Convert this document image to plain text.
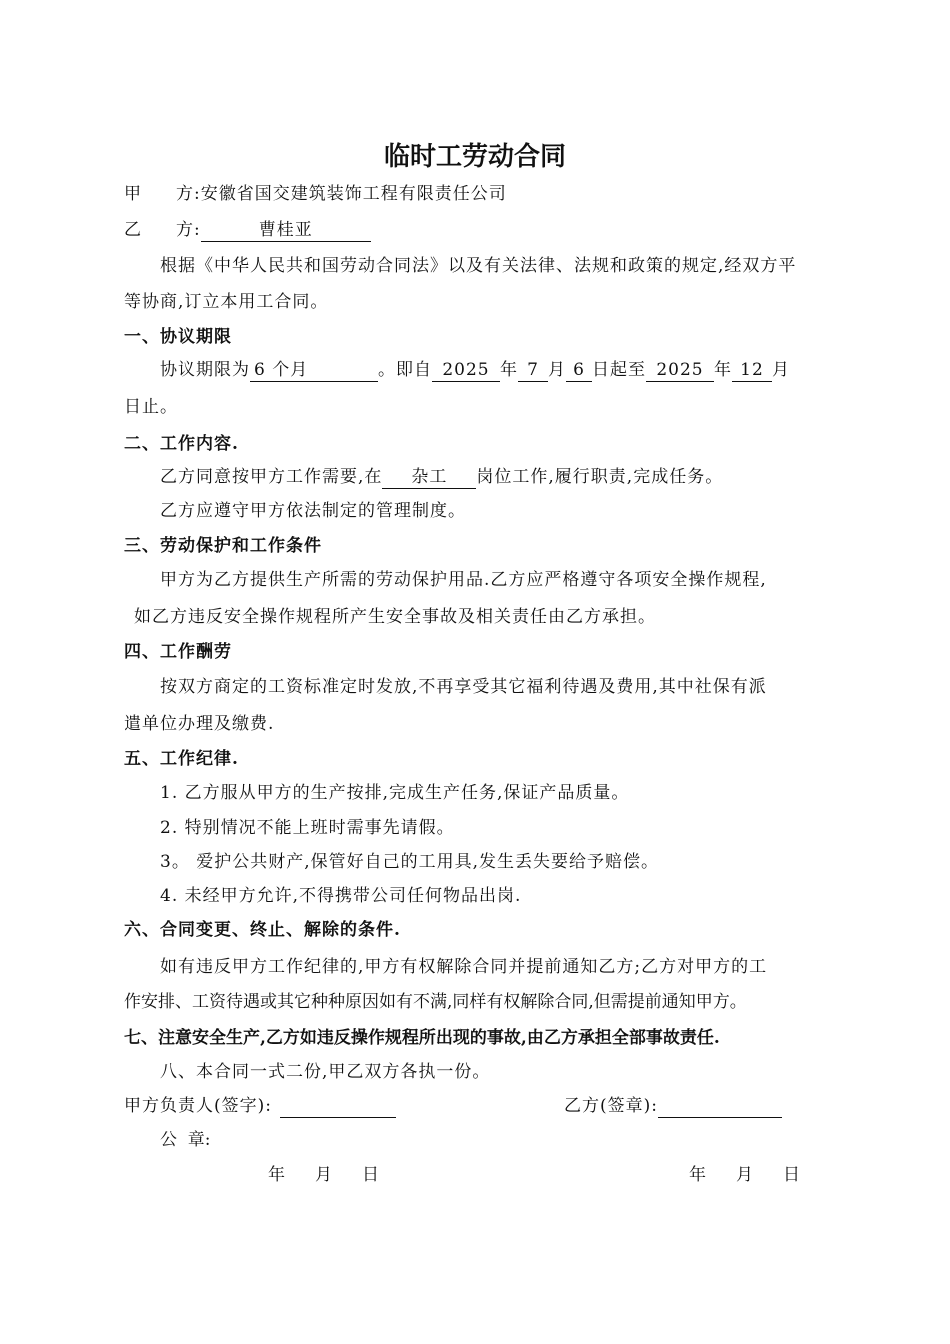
临时工劳动合同
甲 方:安徽省国交建筑装饰工程有限责任公司
乙 方:	曹桂亚
根据《中华人民共和国劳动合同法》以及有关法律、法规和政策的规定,经双方平
等协商,订立本用工合同。
一、协议期限
协议期限为 6 个月	。即自 2025 年 7 月 6 日起至 2025 年 12 月
日止。
二、工作内容.
乙方同意按甲方工作需要,在 杂工 岗位工作,履行职责,完成任务。
乙方应遵守甲方依法制定的管理制度。
三、劳动保护和工作条件
甲方为乙方提供生产所需的劳动保护用品.乙方应严格遵守各项安全操作规程,
如乙方违反安全操作规程所产生安全事故及相关责任由乙方承担。
四、工作酬劳
按双方商定的工资标准定时发放,不再享受其它福利待遇及费用,其中社保有派
遣单位办理及缴费.
五、工作纪律.
1. 乙方服从甲方的生产按排,完成生产任务,保证产品质量。
2. 特别情况不能上班时需事先请假。
3。 爱护公共财产,保管好自己的工用具,发生丢失要给予赔偿。
4. 未经甲方允许,不得携带公司任何物品出岗.
六、合同变更、终止、解除的条件.
如有违反甲方工作纪律的,甲方有权解除合同并提前通知乙方;乙方对甲方的工
作安排、工资待遇或其它种种原因如有不满,同样有权解除合同,但需提前通知甲方。
七、注意安全生产,乙方如违反操作规程所出现的事故,由乙方承担全部事故责任.
八、本合同一式二份,甲乙双方各执一份。
甲方负责人(签字):	乙方(签章):
公  章:
年 月 日	年 月 日
